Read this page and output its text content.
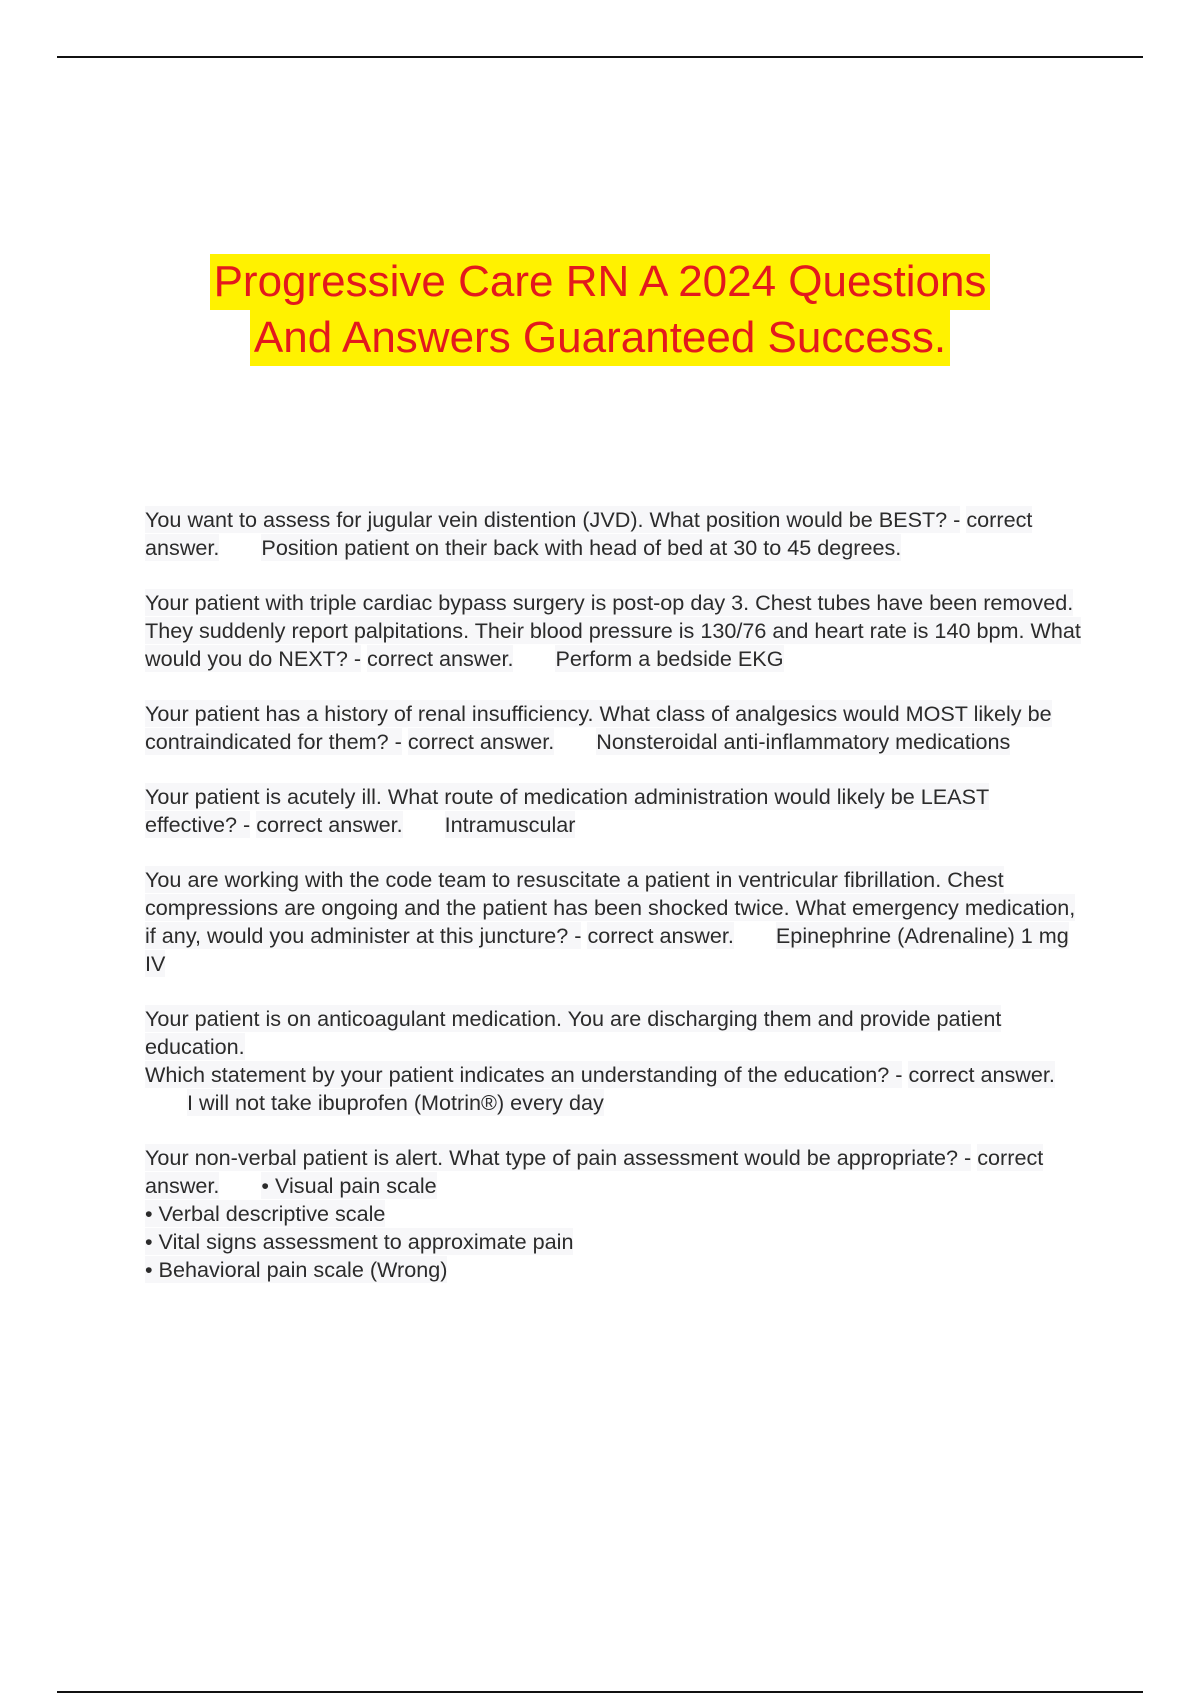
Progressive Care RN A 2024 Questions
And Answers Guaranteed Success.
You want to assess for jugular vein distention (JVD). What position would be BEST? - correct answer. Position patient on their back with head of bed at 30 to 45 degrees.
Your patient with triple cardiac bypass surgery is post-op day 3. Chest tubes have been removed. They suddenly report palpitations. Their blood pressure is 130/76 and heart rate is 140 bpm. What would you do NEXT? - correct answer. Perform a bedside EKG
Your patient has a history of renal insufficiency. What class of analgesics would MOST likely be contraindicated for them? - correct answer. Nonsteroidal anti-inflammatory medications
Your patient is acutely ill. What route of medication administration would likely be LEAST effective? - correct answer. Intramuscular
You are working with the code team to resuscitate a patient in ventricular fibrillation. Chest compressions are ongoing and the patient has been shocked twice. What emergency medication, if any, would you administer at this juncture? - correct answer. Epinephrine (Adrenaline) 1 mg IV
Your patient is on anticoagulant medication. You are discharging them and provide patient education.
Which statement by your patient indicates an understanding of the education? - correct answer.I will not take ibuprofen (Motrin®) every day
Your non-verbal patient is alert. What type of pain assessment would be appropriate? - correct answer. • Visual pain scale
• Verbal descriptive scale
• Vital signs assessment to approximate pain
• Behavioral pain scale (Wrong)
